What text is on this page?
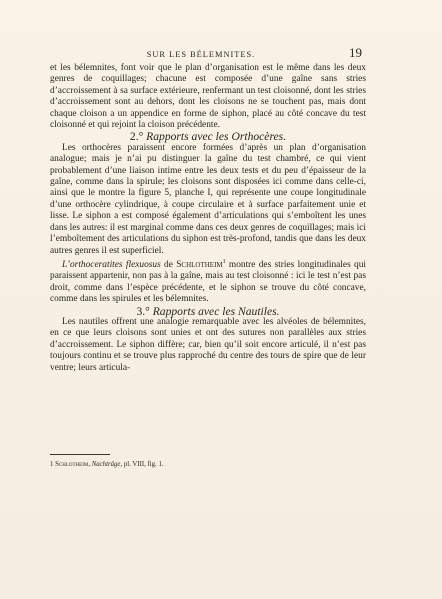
SUR LES BÉLEMNITES.	19

et les bélemnites, font voir que le plan d’organisation est le même dans les deux genres de coquillages; chacune est composée d’une gaîne sans stries d’accroissement à sa surface extérieure, renfermant un test cloisonné, dont les stries d’accroissement sont au dehors, dont les cloisons ne se touchent pas, mais dont chaque cloison a un appendice en forme de siphon, placé au côté concave du test cloisonné et qui rejoint la cloison précédente.

2.° Rapports avec les Orthocères.

Les orthocères paraissent encore formées d’après un plan d’organisation analogue; mais je n’ai pu distinguer la gaîne du test chambré, ce qui vient probablement d’une liaison intime entre les deux tests et du peu d’épaisseur de la gaîne, comme dans la spirule; les cloisons sont disposées ici comme dans celle-ci, ainsi que le montre la figure 5, planche I, qui représente une coupe longitudinale d’une orthocère cylindrique, à coupe circulaire et à surface parfaitement unie et lisse. Le siphon a est composé également d’articulations qui s’emboîtent les unes dans les autres: il est marginal comme dans ces deux genres de coquillages; mais ici l’emboîtement des articulations du siphon est très-profond, tandis que dans les deux autres genres il est superficiel.

L’orthoceratites flexuosus de Schlotheim$^1$ montre des stries longitudinales qui paraissent appartenir, non pas à la gaîne, mais au test cloisonné : ici le test n’est pas droit, comme dans l’espèce précédente, et le siphon se trouve du côté concave, comme dans les spirules et les bélemnites.

3.° Rapports avec les Nautiles.

Les nautiles offrent une analogie remarquable avec les alvéoles de bélemnites, en ce que leurs cloisons sont unies et ont des sutures non parallèles aux stries d’accroissement. Le siphon diffère; car, bien qu’il soit encore articulé, il n’est pas toujours continu et se trouve plus rapproché du centre des tours de spire que de leur ventre; leurs articula-

1 Schlotheim, Nachträge, pl. VIII, fig. 1.
